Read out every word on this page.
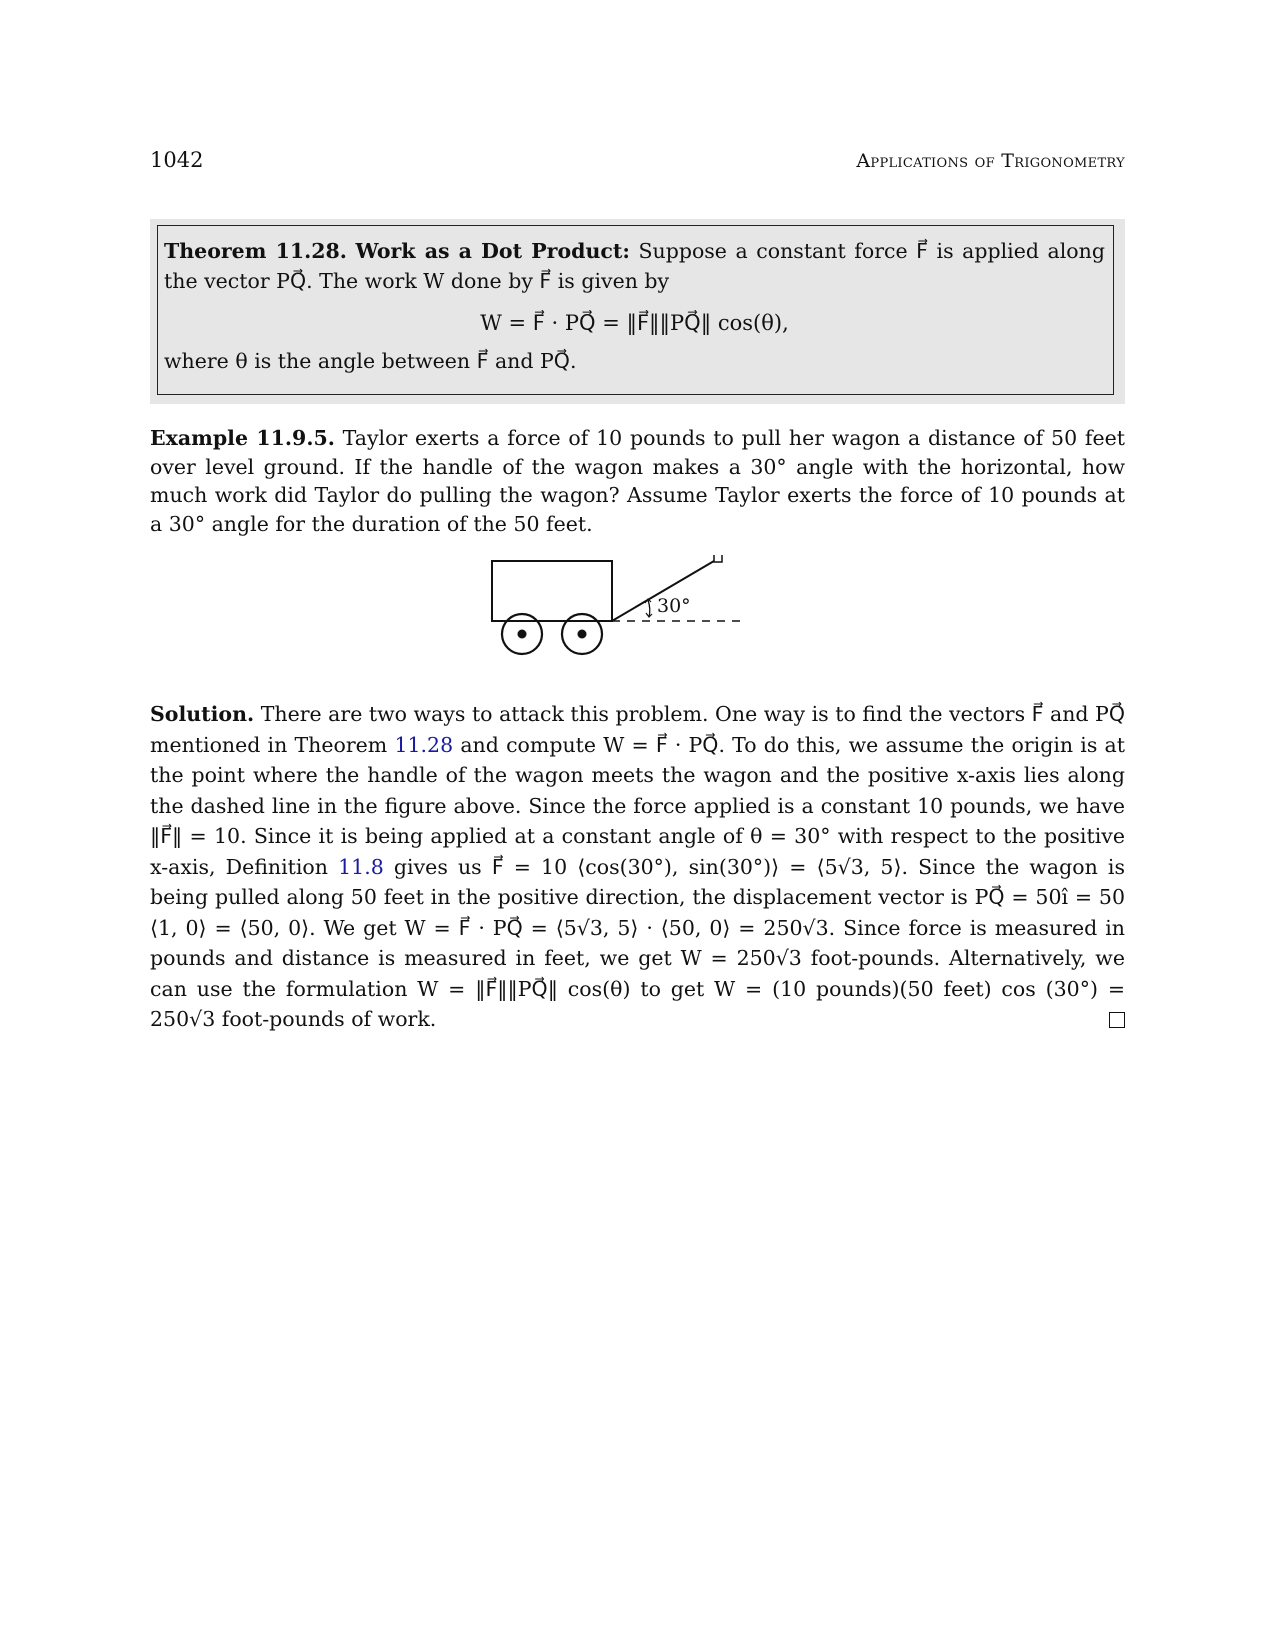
1042	Applications of Trigonometry

Theorem 11.28. Work as a Dot Product: Suppose a constant force F⃗ is applied along the vector PQ⃗. The work W done by F⃗ is given by
W = F⃗ · PQ⃗ = ‖F⃗‖‖PQ⃗‖ cos(θ),
where θ is the angle between F⃗ and PQ⃗.

Example 11.9.5. Taylor exerts a force of 10 pounds to pull her wagon a distance of 50 feet over level ground. If the handle of the wagon makes a 30° angle with the horizontal, how much work did Taylor do pulling the wagon? Assume Taylor exerts the force of 10 pounds at a 30° angle for the duration of the 50 feet.

30°

Solution. There are two ways to attack this problem. One way is to find the vectors F⃗ and PQ⃗ mentioned in Theorem 11.28 and compute W = F⃗ · PQ⃗. To do this, we assume the origin is at the point where the handle of the wagon meets the wagon and the positive x-axis lies along the dashed line in the figure above. Since the force applied is a constant 10 pounds, we have ‖F⃗‖ = 10. Since it is being applied at a constant angle of θ = 30° with respect to the positive x-axis, Definition 11.8 gives us F⃗ = 10 ⟨cos(30°), sin(30°)⟩ = ⟨5√3, 5⟩. Since the wagon is being pulled along 50 feet in the positive direction, the displacement vector is PQ⃗ = 50ı̂ = 50 ⟨1, 0⟩ = ⟨50, 0⟩. We get W = F⃗ · PQ⃗ = ⟨5√3, 5⟩ · ⟨50, 0⟩ = 250√3. Since force is measured in pounds and distance is measured in feet, we get W = 250√3 foot-pounds. Alternatively, we can use the formulation W = ‖F⃗‖‖PQ⃗‖ cos(θ) to get W = (10 pounds)(50 feet) cos (30°) = 250√3 foot-pounds of work.
